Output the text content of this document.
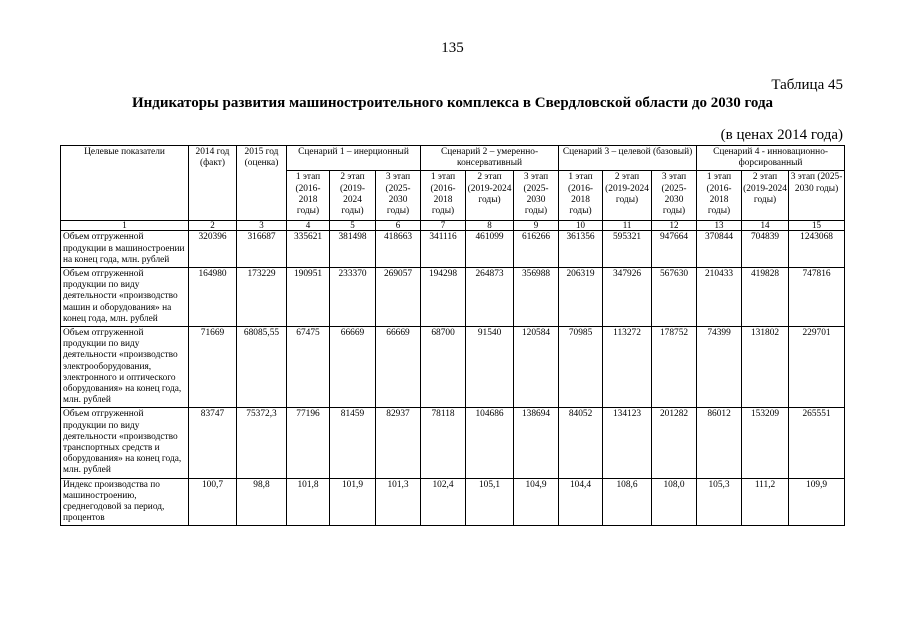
135
Таблица 45
Индикаторы развития машиностроительного комплекса в Свердловской области до 2030 года
(в ценах 2014 года)
Целевые показатели	2014 год (факт)	2015 год (оценка)	Сценарий 1 – инерционный			Сценарий 2 – умеренно-консервативный			Сценарий 3 – целевой (базовый)			Сценарий 4 - инновационно-форсированный		
			1 этап (2016-2018 годы)	2 этап (2019-2024 годы)	3 этап (2025-2030 годы)	1 этап (2016-2018 годы)	2 этап (2019-2024 годы)	3 этап (2025-2030 годы)	1 этап (2016-2018 годы)	2 этап (2019-2024 годы)	3 этап (2025-2030 годы)	1 этап (2016-2018 годы)	2 этап (2019-2024 годы)	3 этап (2025-2030 годы)
1	2	3	4	5	6	7	8	9	10	11	12	13	14	15
Объем отгруженной продукции в машиностроении на конец года, млн. рублей	320396	316687	335621	381498	418663	341116	461099	616266	361356	595321	947664	370844	704839	1243068
Объем отгруженной продукции по виду деятельности «производство машин и оборудования» на конец года, млн. рублей	164980	173229	190951	233370	269057	194298	264873	356988	206319	347926	567630	210433	419828	747816
Объем отгруженной продукции по виду деятельности «производство электрооборудования, электронного и оптического оборудования» на конец года, млн. рублей	71669	68085,55	67475	66669	66669	68700	91540	120584	70985	113272	178752	74399	131802	229701
Объем отгруженной продукции по виду деятельности «производство транспортных средств и оборудования» на конец года, млн. рублей	83747	75372,3	77196	81459	82937	78118	104686	138694	84052	134123	201282	86012	153209	265551
Индекс производства по машиностроению, среднегодовой за период, процентов	100,7	98,8	101,8	101,9	101,3	102,4	105,1	104,9	104,4	108,6	108,0	105,3	111,2	109,9
